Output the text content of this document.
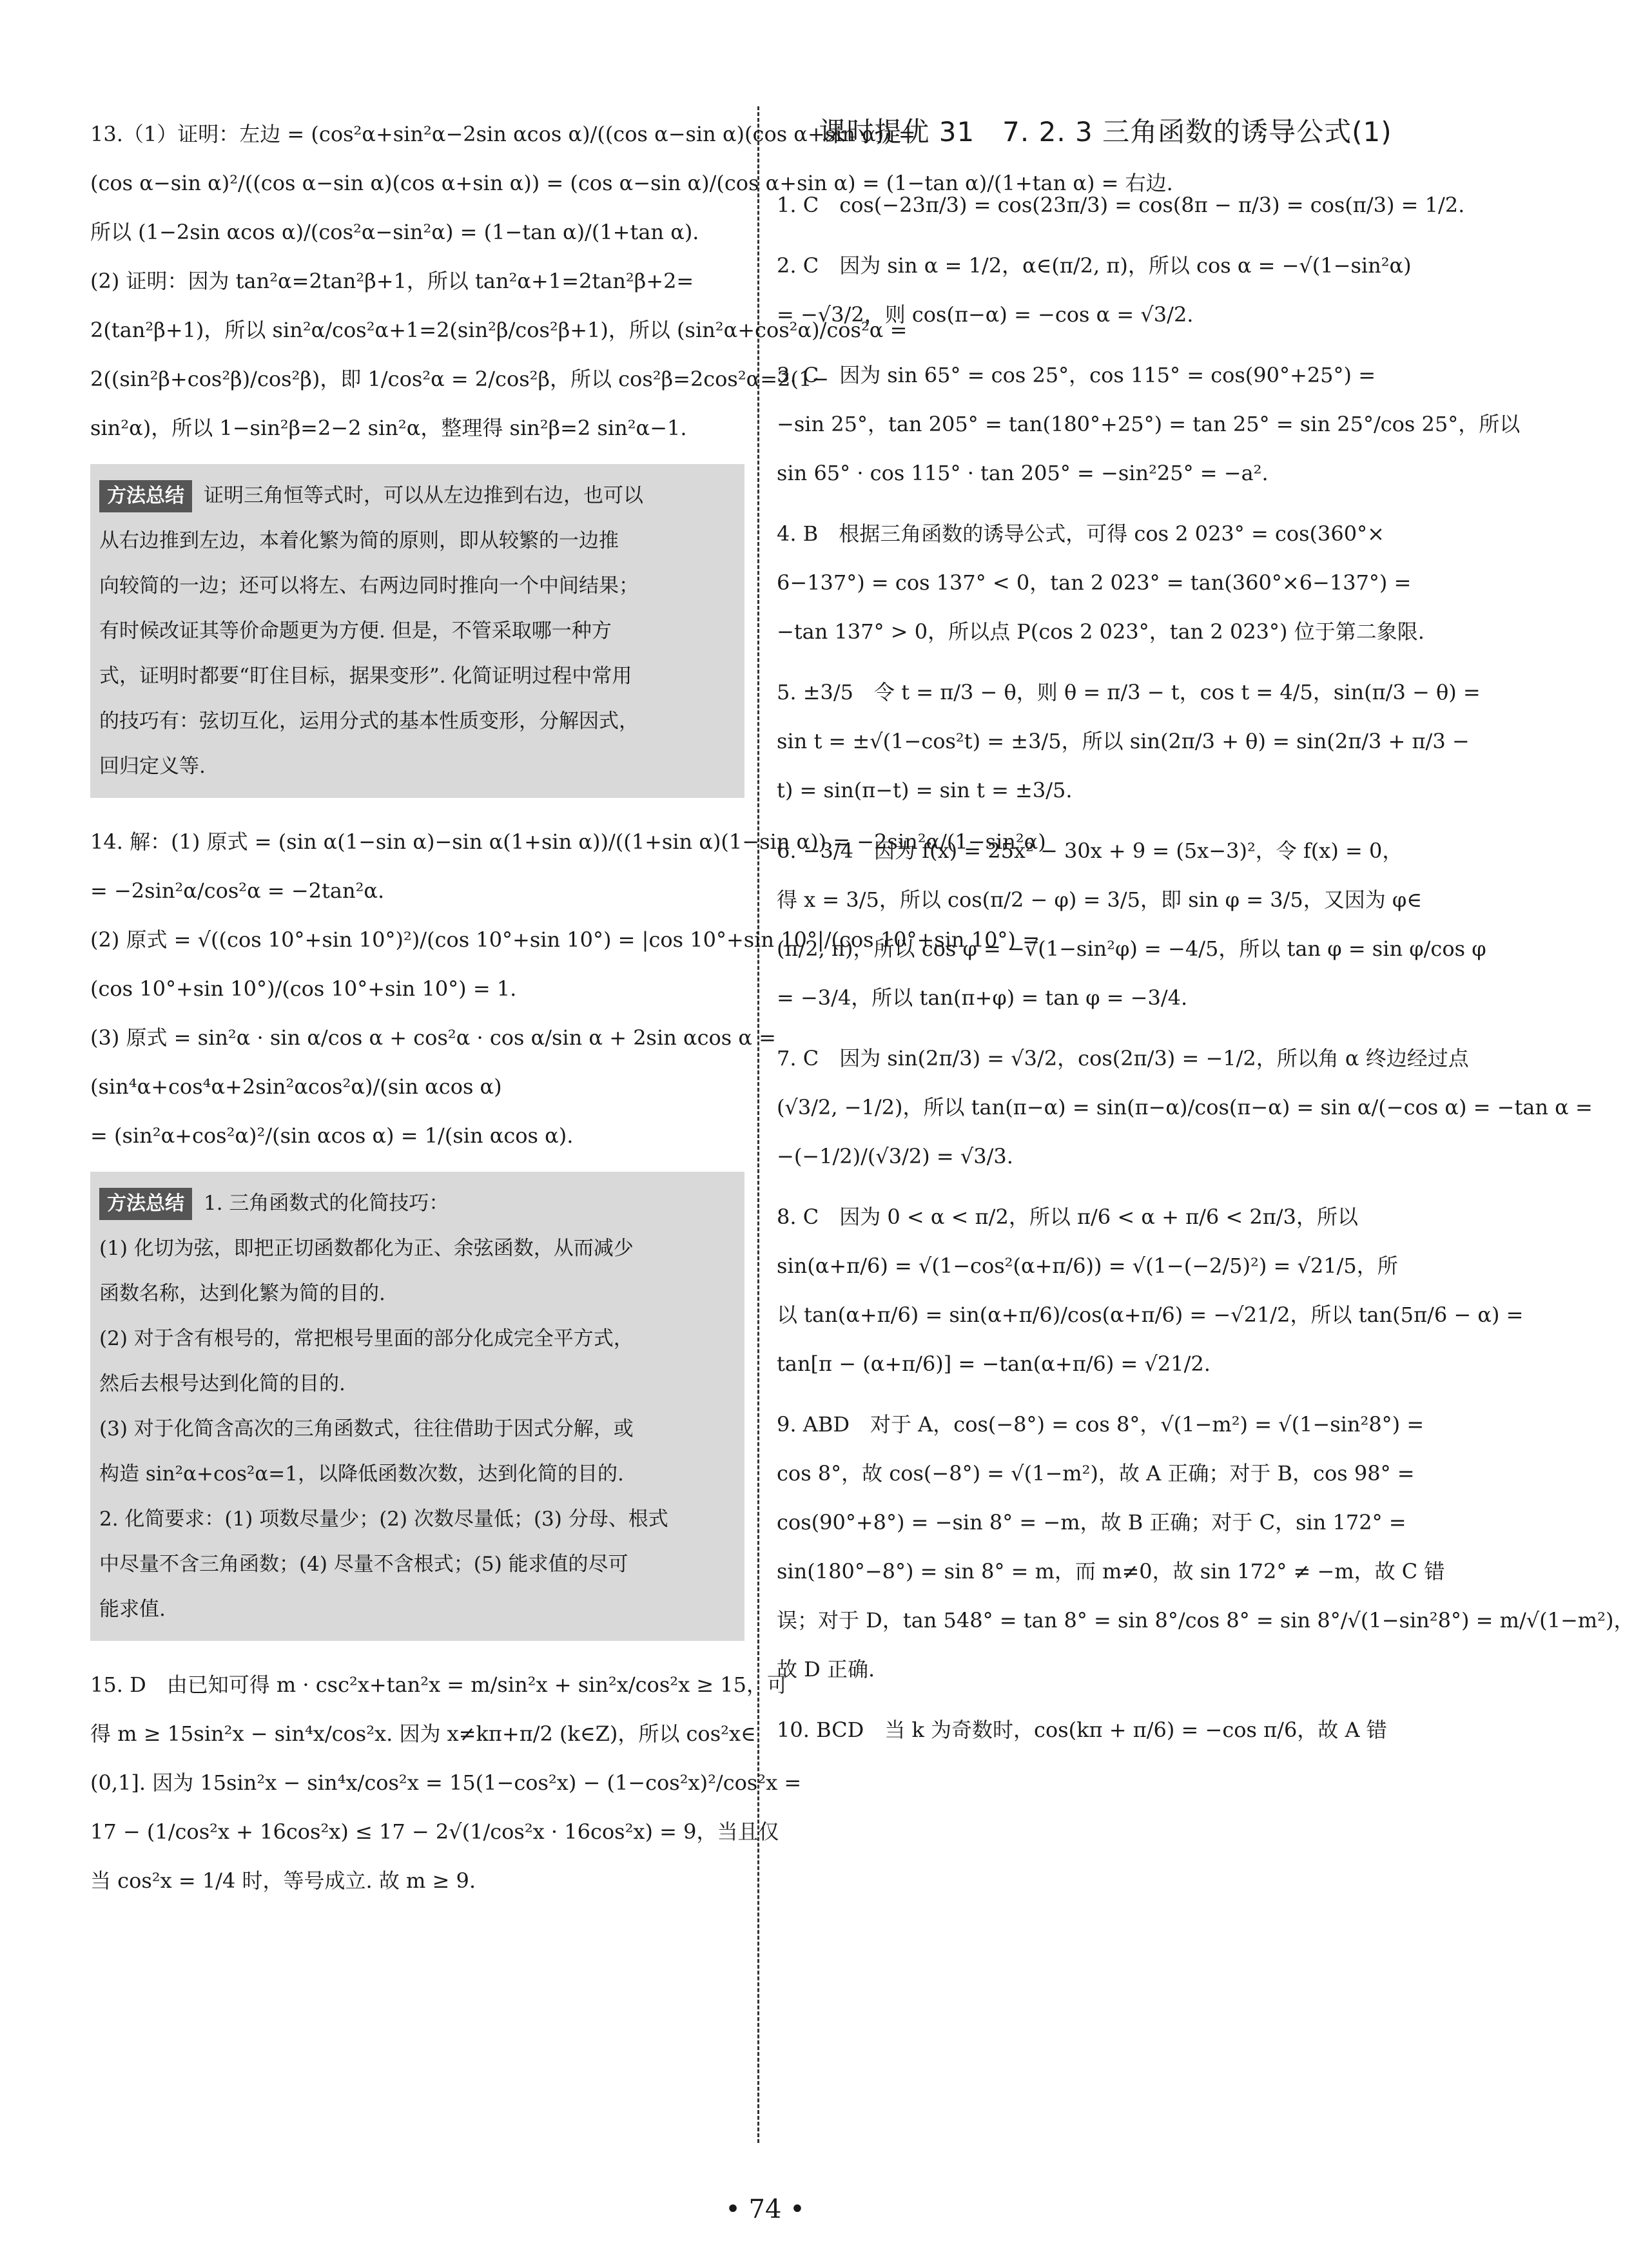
13.（1）证明：左边 = (cos²α+sin²α−2sin αcos α)/((cos α−sin α)(cos α+sin α)) =
(cos α−sin α)²/((cos α−sin α)(cos α+sin α)) = (cos α−sin α)/(cos α+sin α) = (1−tan α)/(1+tan α) = 右边.
所以 (1−2sin αcos α)/(cos²α−sin²α) = (1−tan α)/(1+tan α).
(2) 证明：因为 tan²α=2tan²β+1，所以 tan²α+1=2tan²β+2=
2(tan²β+1)，所以 sin²α/cos²α+1=2(sin²β/cos²β+1)，所以 (sin²α+cos²α)/cos²α =
2((sin²β+cos²β)/cos²β)，即 1/cos²α = 2/cos²β，所以 cos²β=2cos²α=2(1−
sin²α)，所以 1−sin²β=2−2 sin²α，整理得 sin²β=2 sin²α−1.
方法总结 证明三角恒等式时，可以从左边推到右边，也可以
从右边推到左边，本着化繁为简的原则，即从较繁的一边推
向较简的一边；还可以将左、右两边同时推向一个中间结果；
有时候改证其等价命题更为方便. 但是，不管采取哪一种方
式，证明时都要“盯住目标，据果变形”. 化简证明过程中常用
的技巧有：弦切互化，运用分式的基本性质变形，分解因式，
回归定义等.
14. 解：(1) 原式 = (sin α(1−sin α)−sin α(1+sin α))/((1+sin α)(1−sin α)) = −2sin²α/(1−sin²α)
= −2sin²α/cos²α = −2tan²α.
(2) 原式 = √((cos 10°+sin 10°)²)/(cos 10°+sin 10°) = |cos 10°+sin 10°|/(cos 10°+sin 10°) =
(cos 10°+sin 10°)/(cos 10°+sin 10°) = 1.
(3) 原式 = sin²α · sin α/cos α + cos²α · cos α/sin α + 2sin αcos α =
(sin⁴α+cos⁴α+2sin²αcos²α)/(sin αcos α)
= (sin²α+cos²α)²/(sin αcos α) = 1/(sin αcos α).
方法总结 1. 三角函数式的化简技巧：
(1) 化切为弦，即把正切函数都化为正、余弦函数，从而减少
函数名称，达到化繁为简的目的.
(2) 对于含有根号的，常把根号里面的部分化成完全平方式，
然后去根号达到化简的目的.
(3) 对于化简含高次的三角函数式，往往借助于因式分解，或
构造 sin²α+cos²α=1，以降低函数次数，达到化简的目的.
2. 化简要求：(1) 项数尽量少；(2) 次数尽量低；(3) 分母、根式
中尽量不含三角函数；(4) 尽量不含根式；(5) 能求值的尽可
能求值.
15. D　由已知可得 m · csc²x+tan²x = m/sin²x + sin²x/cos²x ≥ 15，可
得 m ≥ 15sin²x − sin⁴x/cos²x. 因为 x≠kπ+π/2 (k∈Z)，所以 cos²x∈
(0,1]. 因为 15sin²x − sin⁴x/cos²x = 15(1−cos²x) − (1−cos²x)²/cos²x =
17 − (1/cos²x + 16cos²x) ≤ 17 − 2√(1/cos²x · 16cos²x) = 9，当且仅
当 cos²x = 1/4 时，等号成立. 故 m ≥ 9.
课时提优 31　7. 2. 3 三角函数的诱导公式(1)
1. C　cos(−23π/3) = cos(23π/3) = cos(8π − π/3) = cos(π/3) = 1/2.
2. C　因为 sin α = 1/2，α∈(π/2, π)，所以 cos α = −√(1−sin²α)
= −√3/2，则 cos(π−α) = −cos α = √3/2.
3. C　因为 sin 65° = cos 25°，cos 115° = cos(90°+25°) =
−sin 25°，tan 205° = tan(180°+25°) = tan 25° = sin 25°/cos 25°，所以
sin 65° · cos 115° · tan 205° = −sin²25° = −a².
4. B　根据三角函数的诱导公式，可得 cos 2 023° = cos(360°×
6−137°) = cos 137° < 0，tan 2 023° = tan(360°×6−137°) =
−tan 137° > 0，所以点 P(cos 2 023°，tan 2 023°) 位于第二象限.
5. ±3/5　令 t = π/3 − θ，则 θ = π/3 − t，cos t = 4/5，sin(π/3 − θ) =
sin t = ±√(1−cos²t) = ±3/5，所以 sin(2π/3 + θ) = sin(2π/3 + π/3 −
t) = sin(π−t) = sin t = ±3/5.
6. −3/4　因为 f(x) = 25x² − 30x + 9 = (5x−3)²，令 f(x) = 0，
得 x = 3/5，所以 cos(π/2 − φ) = 3/5，即 sin φ = 3/5，又因为 φ∈
(π/2, π)，所以 cos φ = −√(1−sin²φ) = −4/5，所以 tan φ = sin φ/cos φ
= −3/4，所以 tan(π+φ) = tan φ = −3/4.
7. C　因为 sin(2π/3) = √3/2，cos(2π/3) = −1/2，所以角 α 终边经过点
(√3/2, −1/2)，所以 tan(π−α) = sin(π−α)/cos(π−α) = sin α/(−cos α) = −tan α =
−(−1/2)/(√3/2) = √3/3.
8. C　因为 0 < α < π/2，所以 π/6 < α + π/6 < 2π/3，所以
sin(α+π/6) = √(1−cos²(α+π/6)) = √(1−(−2/5)²) = √21/5，所
以 tan(α+π/6) = sin(α+π/6)/cos(α+π/6) = −√21/2，所以 tan(5π/6 − α) =
tan[π − (α+π/6)] = −tan(α+π/6) = √21/2.
9. ABD　对于 A，cos(−8°) = cos 8°，√(1−m²) = √(1−sin²8°) =
cos 8°，故 cos(−8°) = √(1−m²)，故 A 正确；对于 B，cos 98° =
cos(90°+8°) = −sin 8° = −m，故 B 正确；对于 C，sin 172° =
sin(180°−8°) = sin 8° = m，而 m≠0，故 sin 172° ≠ −m，故 C 错
误；对于 D，tan 548° = tan 8° = sin 8°/cos 8° = sin 8°/√(1−sin²8°) = m/√(1−m²)，
故 D 正确.
10. BCD　当 k 为奇数时，cos(kπ + π/6) = −cos π/6，故 A 错
• 74 •
